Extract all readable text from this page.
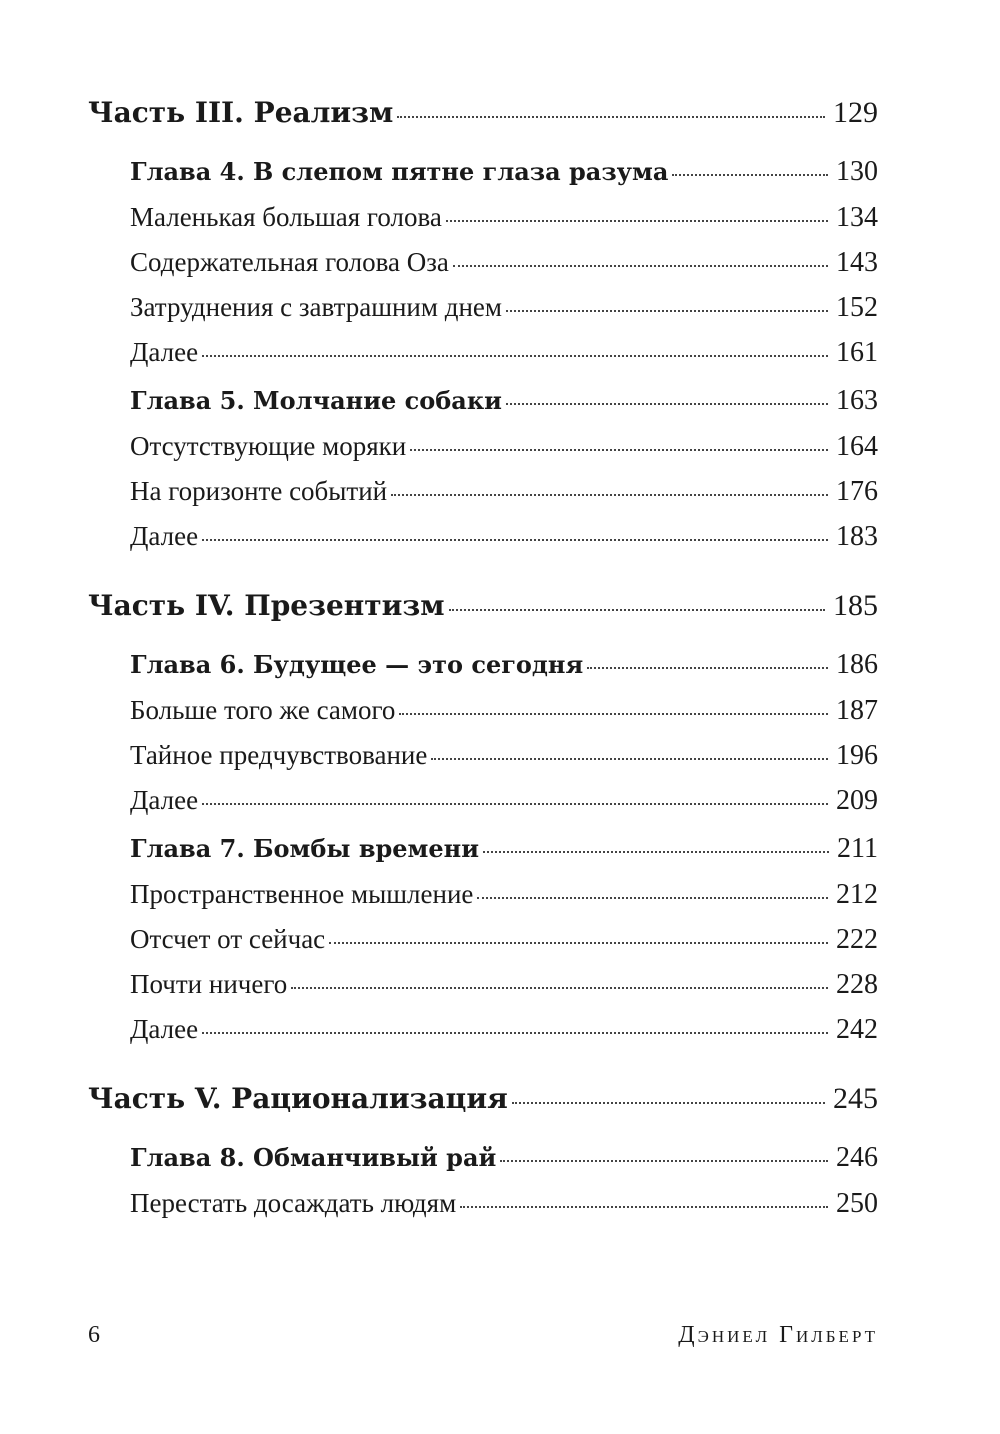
Часть III. Реализм	129
Глава 4. В слепом пятне глаза разума	130
Маленькая большая голова	134
Содержательная голова Оза	143
Затруднения с завтрашним днем	152
Далее	161
Глава 5. Молчание собаки	163
Отсутствующие моряки	164
На горизонте событий	176
Далее	183
Часть IV. Презентизм	185
Глава 6. Будущее — это сегодня	186
Больше того же самого	187
Тайное предчувствование	196
Далее	209
Глава 7. Бомбы времени	211
Пространственное мышление	212
Отсчет от сейчас	222
Почти ничего	228
Далее	242
Часть V. Рационализация	245
Глава 8. Обманчивый рай	246
Перестать досаждать людям	250
6	Дэниел Гилберт
